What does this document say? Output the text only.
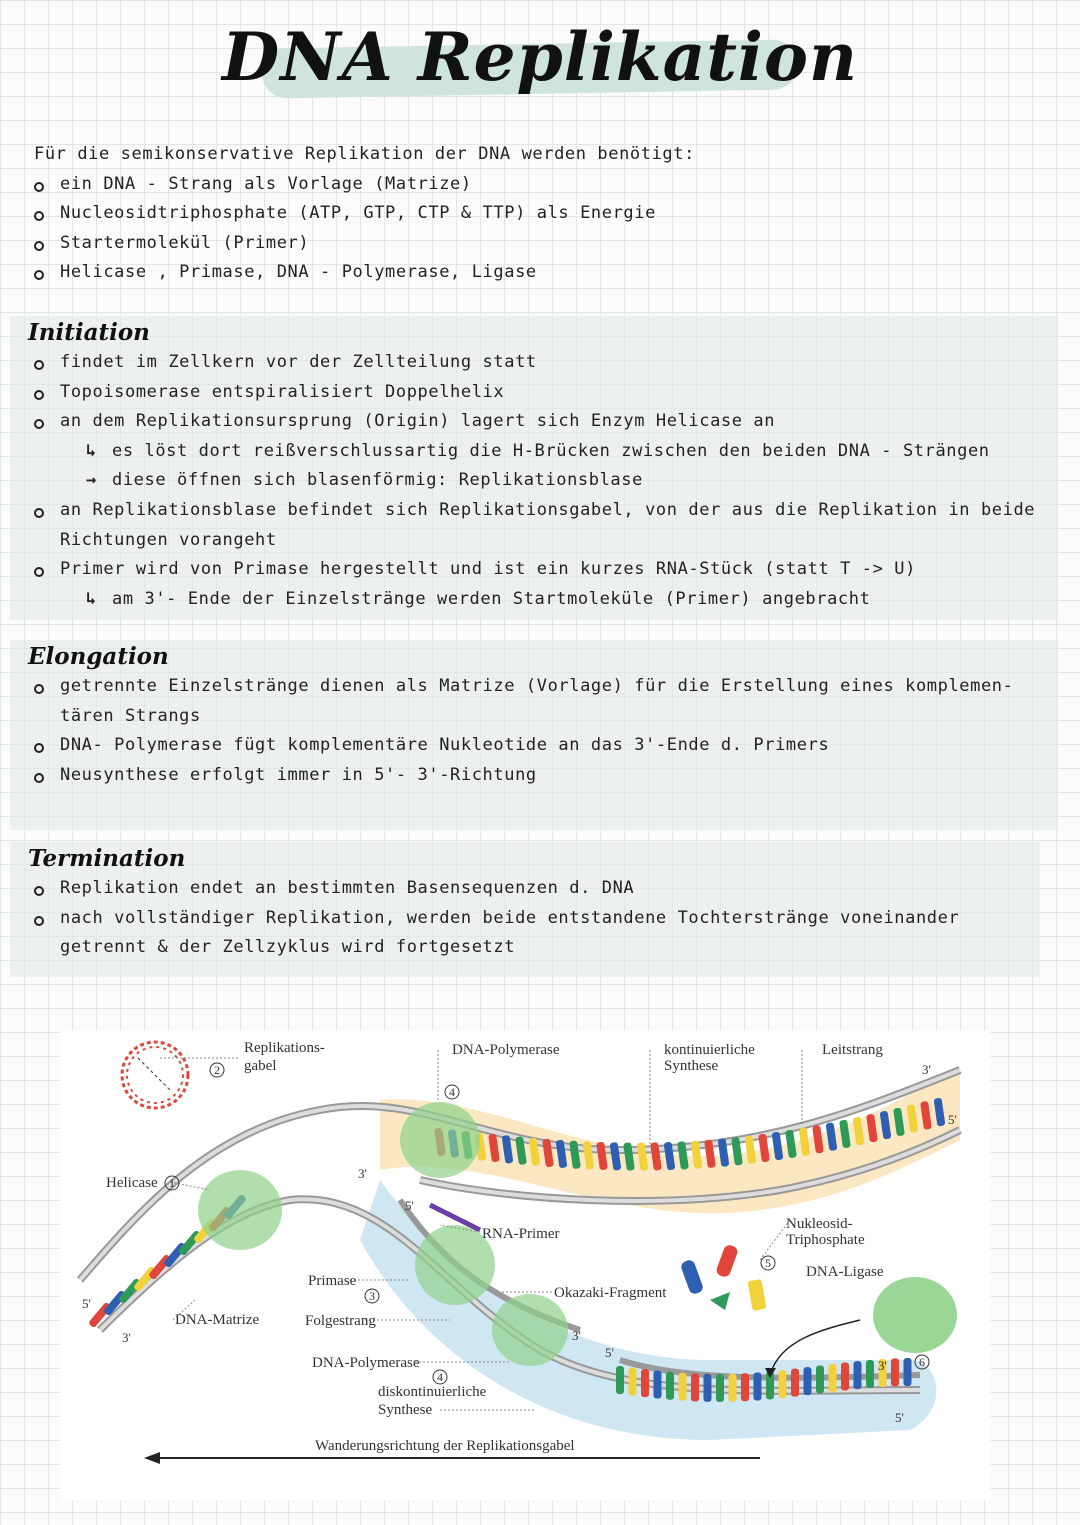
DNA Replikation
Für die semikonservative Replikation der DNA werden benötigt:
ein DNA - Strang als Vorlage (Matrize)
Nucleosidtriphosphate (ATP, GTP, CTP & TTP) als Energie
Startermolekül (Primer)
Helicase , Primase, DNA - Polymerase, Ligase
Initiation
findet im Zellkern vor der Zellteilung statt
Topoisomerase entspiralisiert Doppelhelix
an dem Replikationsursprung (Origin) lagert sich Enzym Helicase an
↳ es löst dort reißverschlussartig die H-Brücken zwischen den beiden DNA - Strängen
→ diese öffnen sich blasenförmig: Replikationsblase
an Replikationsblase befindet sich Replikationsgabel, von der aus die Replikation in beide
Richtungen vorangeht
Primer wird von Primase hergestellt und ist ein kurzes RNA-Stück (statt T -> U)
↳ am 3'- Ende der Einzelstränge werden Startmoleküle (Primer) angebracht
Elongation
getrennte Einzelstränge dienen als Matrize (Vorlage) für die Erstellung eines komplemen-
tären Strangs
DNA- Polymerase fügt komplementäre Nukleotide an das 3'-Ende d. Primers
Neusynthese erfolgt immer in 5'- 3'-Richtung
Termination
Replikation endet an bestimmten Basensequenzen d. DNA
nach vollständiger Replikation, werden beide entstandene Tochterstränge voneinander
getrennt & der Zellzyklus wird fortgesetzt
Replikations-
gabel
DNA-Polymerase	kontinuierliche
Synthese
Leitstrang
Helicase
RNA-Primer
Nukleosid-
Triphosphate
DNA-Ligase
Primase
Okazaki-Fragment
Folgestrang
DNA-Matrize
DNA-Polymerase
diskontinuierliche
Synthese
Wanderungsrichtung der Replikationsgabel
1
2
3
4
4
5
6
3'
5'
3'
5'
5'
3'	3'
5'
3'
5'
